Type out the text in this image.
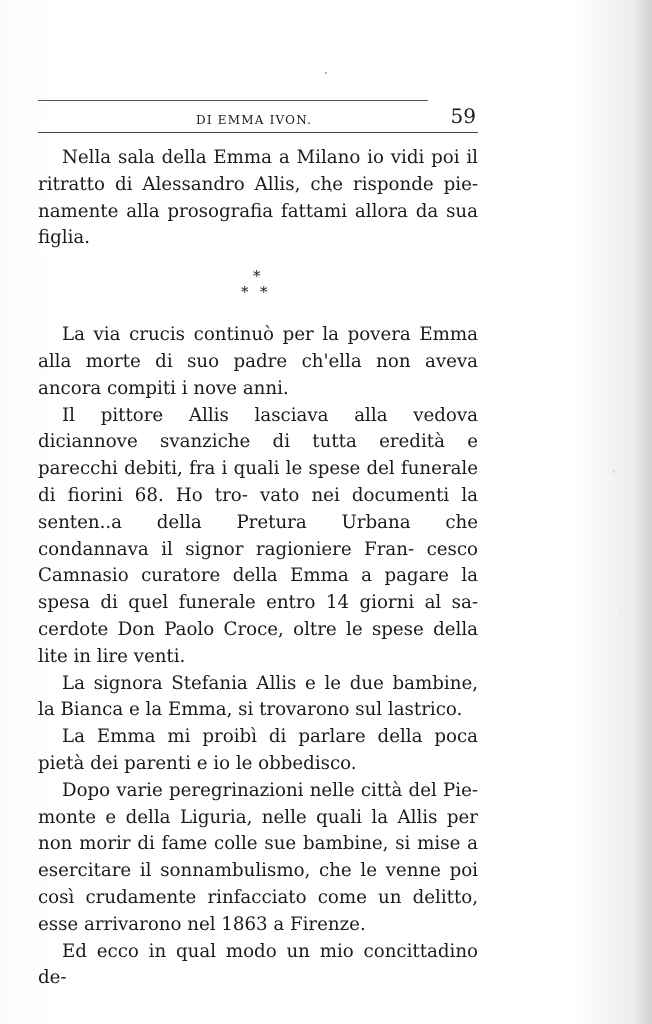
DI EMMA IVON.	59

Nella sala della Emma a Milano io vidi poi il ritratto di Alessandro Allis, che risponde pie- namente alla prosografia fattami allora da sua figlia.

*
* *

La via crucis continuò per la povera Emma alla morte di suo padre ch'ella non aveva ancora compiti i nove anni.

Il pittore Allis lasciava alla vedova diciannove svanziche di tutta eredità e parecchi debiti, fra i quali le spese del funerale di fiorini 68. Ho tro- vato nei documenti la senten..a della Pretura Urbana che condannava il signor ragioniere Fran- cesco Camnasio curatore della Emma a pagare la spesa di quel funerale entro 14 giorni al sa- cerdote Don Paolo Croce, oltre le spese della lite in lire venti.

La signora Stefania Allis e le due bambine, la Bianca e la Emma, si trovarono sul lastrico.

La Emma mi proibì di parlare della poca pietà dei parenti e io le obbedisco.

Dopo varie peregrinazioni nelle città del Pie- monte e della Liguria, nelle quali la Allis per non morir di fame colle sue bambine, si mise a esercitare il sonnambulismo, che le venne poi così crudamente rinfacciato come un delitto, esse arrivarono nel 1863 a Firenze.

Ed ecco in qual modo un mio concittadino de-
